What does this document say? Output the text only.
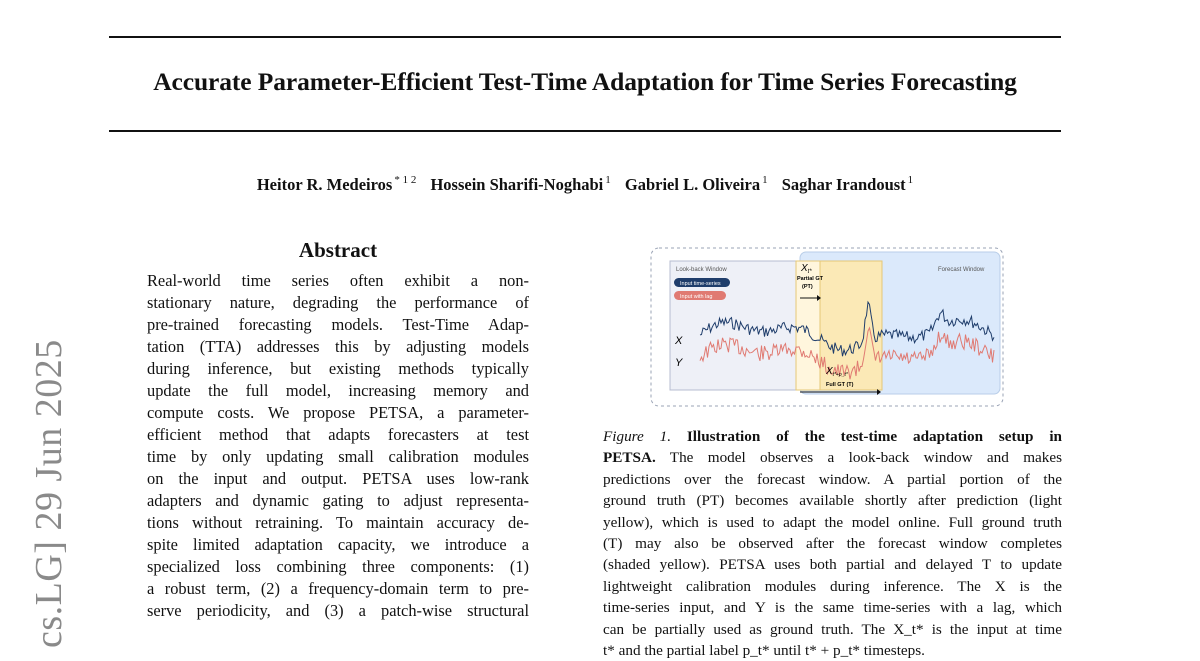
Accurate Parameter-Efficient Test-Time Adaptation for Time Series Forecasting
Heitor R. Medeiros $^{* 1 2}$ Hossein Sharifi-Noghabi $^1$ Gabriel L. Oliveira $^1$ Saghar Irandoust $^1$
cs.LG] 29 Jun 2025
Abstract
Real-world time series often exhibit a non-
stationary nature, degrading the performance of
pre-trained forecasting models. Test-Time Adap-
tation (TTA) addresses this by adjusting models
during inference, but existing methods typically
update the full model, increasing memory and
compute costs. We propose PETSA, a parameter-
efficient method that adapts forecasters at test
time by only updating small calibration modules
on the input and output. PETSA uses low-rank
adapters and dynamic gating to adjust representa-
tions without retraining. To maintain accuracy de-
spite limited adaptation capacity, we introduce a
specialized loss combining three components: (1)
a robust term, (2) a frequency-domain term to pre-
serve periodicity, and (3) a patch-wise structural
Look-back Window	Forecast Window
Input time-series
Input with lag
$X_{t*}$
Partial GT
(PT)
X
Y
$X_{t*+p\_t*}$
Full GT (T)
Figure 1. Illustration of the test-time adaptation setup in
PETSA. The model observes a look-back window and makes
predictions over the forecast window. A partial portion of the
ground truth (PT) becomes available shortly after prediction (light
yellow), which is used to adapt the model online. Full ground truth
(T) may also be observed after the forecast window completes
(shaded yellow). PETSA uses both partial and delayed T to update
lightweight calibration modules during inference. The X is the
time-series input, and Y is the same time-series with a lag, which
can be partially used as ground truth. The X_t* is the input at time
t* and the partial label p_t* until t* + p_t* timesteps.
